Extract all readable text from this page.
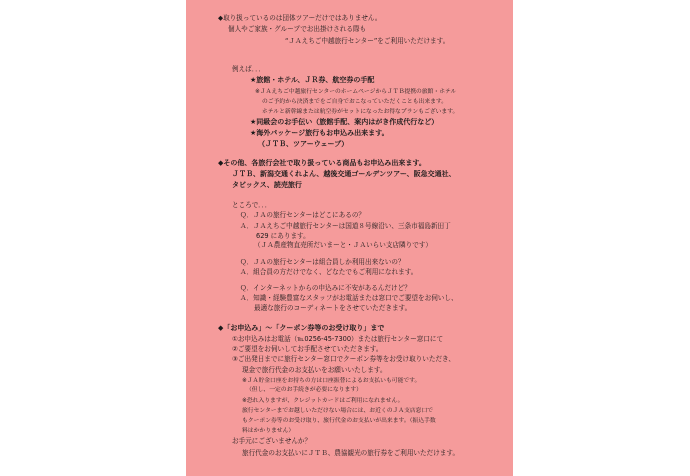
◆取り扱っているのは団体ツアーだけではありません。
個人やご家族・グループでお出掛けされる際も
“ＪＡえちご中越旅行センター”をご利用いただけます。
例えば．．．
★旅館・ホテル、ＪＲ券、航空券の手配
※ＪＡえちご中越旅行センターのホームページからＪＴＢ提携の旅館・ホテル
のご予約から決済までをご自身でおこなっていただくことも出来ます。
ホテルと新幹線または航空券がセットになったお得なプランもございます。
★同級会のお手伝い（旅館手配、案内はがき作成代行など）
★海外パッケージ旅行もお申込み出来ます。
（ＪＴＢ、ツアーウェーブ）
◆その他、各旅行会社で取り扱っている商品もお申込み出来ます。
ＪＴＢ、新潟交通くれよん、越後交通ゴールデンツアー、阪急交通社、
タビックス、読売旅行
ところで．．．
Ｑ．ＪＡの旅行センターはどこにあるの？
Ａ．ＪＡえちご中越旅行センターは国道８号線沿い、三条市福島新田丁
629 にあります。
（ＪＡ農産物直売所だいまーと・ＪＡいらい支店隣りです）
Ｑ．ＪＡの旅行センターは組合員しか利用出来ないの？
Ａ．組合員の方だけでなく、どなたでもご利用になれます。
Ｑ．インターネットからの申込みに不安があるんだけど？
Ａ．知識・経験豊富なスタッフがお電話または窓口でご要望をお伺いし、
最適な旅行のコーディネートをさせていただきます。
◆「お申込み」～「クーポン券等のお受け取り」まで
①お申込みはお電話（℡0256-45-7300）または旅行センター窓口にて
②ご要望をお伺いしてお手配させていただきます。
③ご出発日までに旅行センター窓口でクーポン券等をお受け取りいただき、
現金で旅行代金のお支払いをお願いいたします。
※ＪＡ貯金口座をお持ちの方は口座振替によるお支払いも可能です。
（但し、一定のお手続きが必要になります）
※恐れ入りますが、クレジットカードはご利用になれません。
旅行センターまでお越しいただけない場合には、お近くのＪＡ支店窓口で
もクーポン券等のお受け取り、旅行代金のお支払いが出来ます。（振込手数
料はかかりません）
お手元にございませんか？
旅行代金のお支払いにＪＴＢ、農協観光の旅行券をご利用いただけます。
